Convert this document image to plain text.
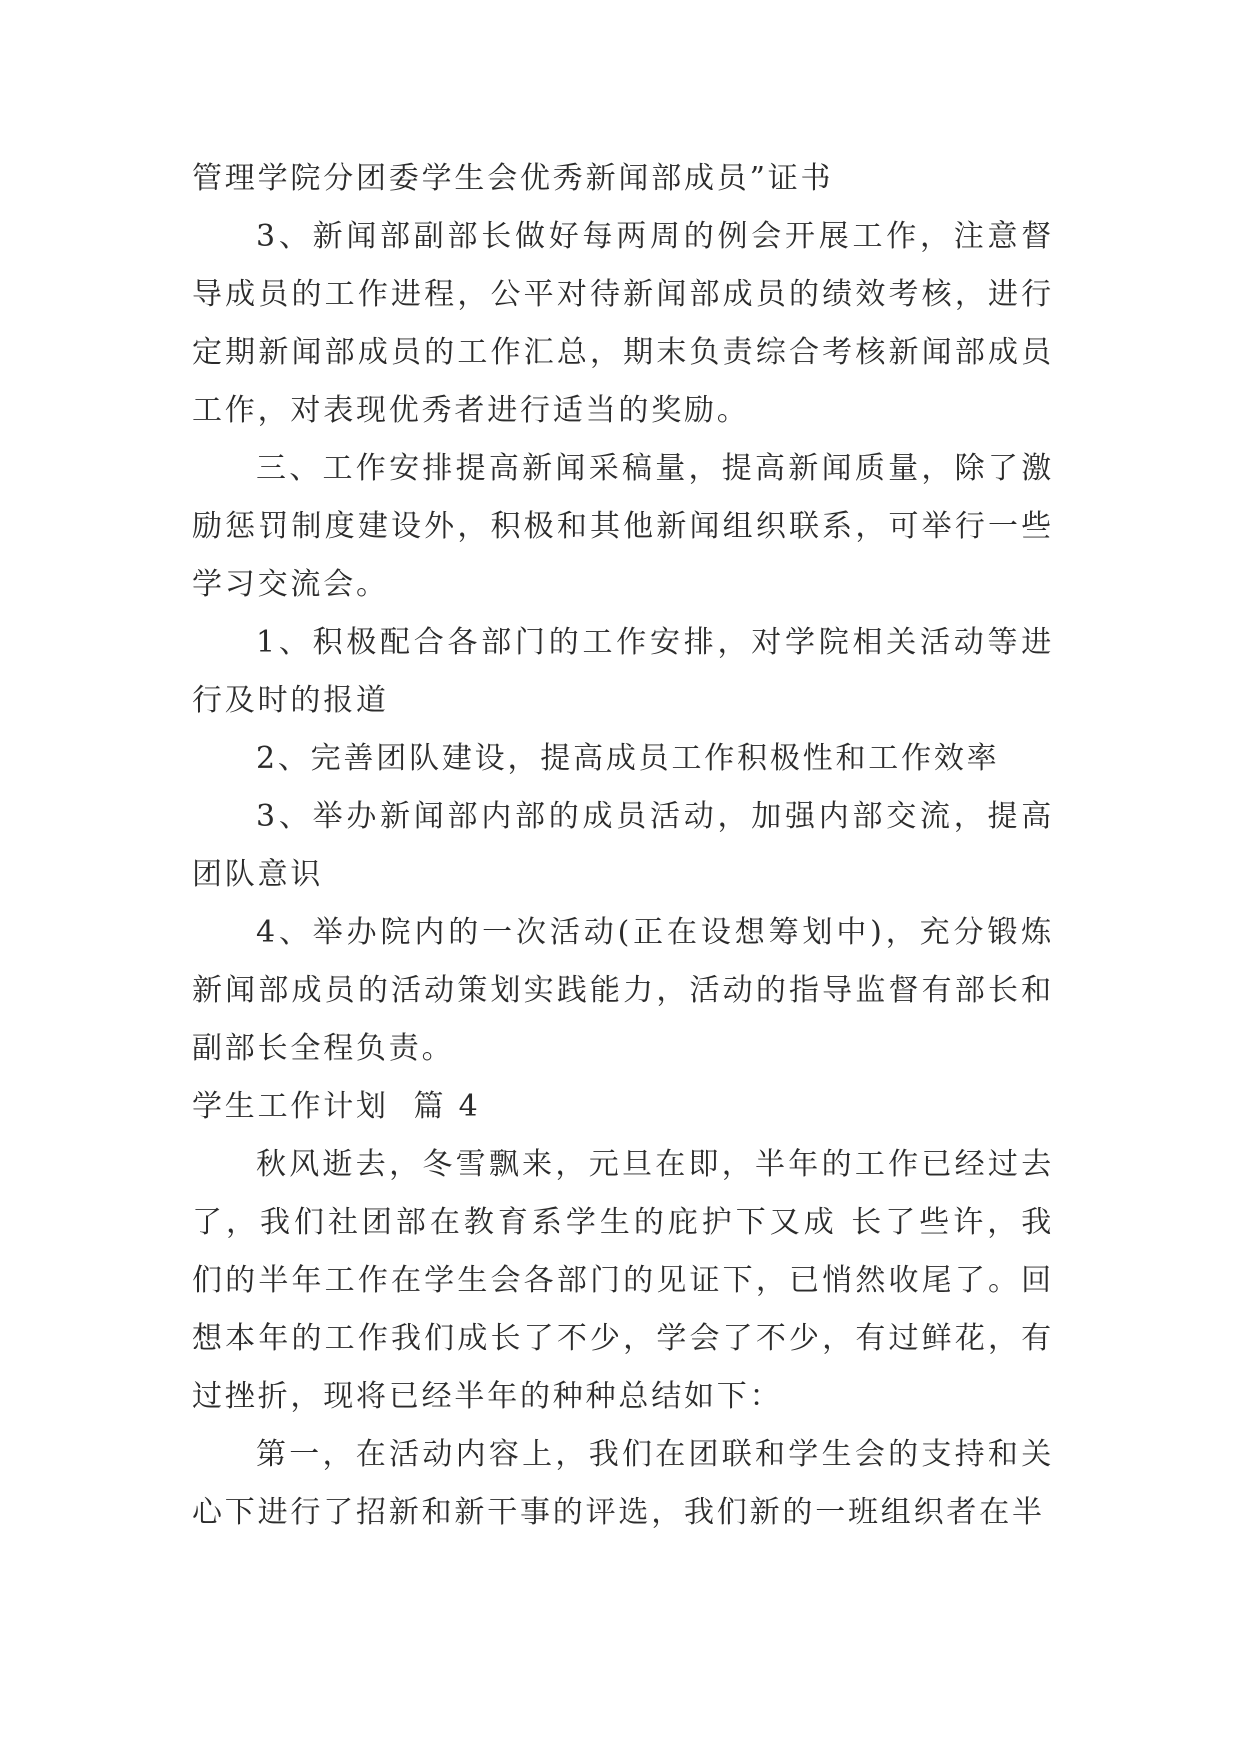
管理学院分团委学生会优秀新闻部成员”证书

3、新闻部副部长做好每两周的例会开展工作，注意督导成员的工作进程，公平对待新闻部成员的绩效考核，进行定期新闻部成员的工作汇总，期末负责综合考核新闻部成员工作，对表现优秀者进行适当的奖励。

三、工作安排提高新闻采稿量，提高新闻质量，除了激励惩罚制度建设外，积极和其他新闻组织联系，可举行一些学习交流会。

1、积极配合各部门的工作安排，对学院相关活动等进行及时的报道

2、完善团队建设，提高成员工作积极性和工作效率

3、举办新闻部内部的成员活动，加强内部交流，提高团队意识

4、举办院内的一次活动(正在设想筹划中)，充分锻炼新闻部成员的活动策划实践能力，活动的指导监督有部长和副部长全程负责。

学生工作计划  篇 4

秋风逝去，冬雪飘来，元旦在即，半年的工作已经过去了，我们社团部在教育系学生的庇护下又成 长了些许，我们的半年工作在学生会各部门的见证下，已悄然收尾了。回想本年的工作我们成长了不少，学会了不少，有过鲜花，有过挫折，现将已经半年的种种总结如下：

第一，在活动内容上，我们在团联和学生会的支持和关心下进行了招新和新干事的评选，我们新的一班组织者在半
